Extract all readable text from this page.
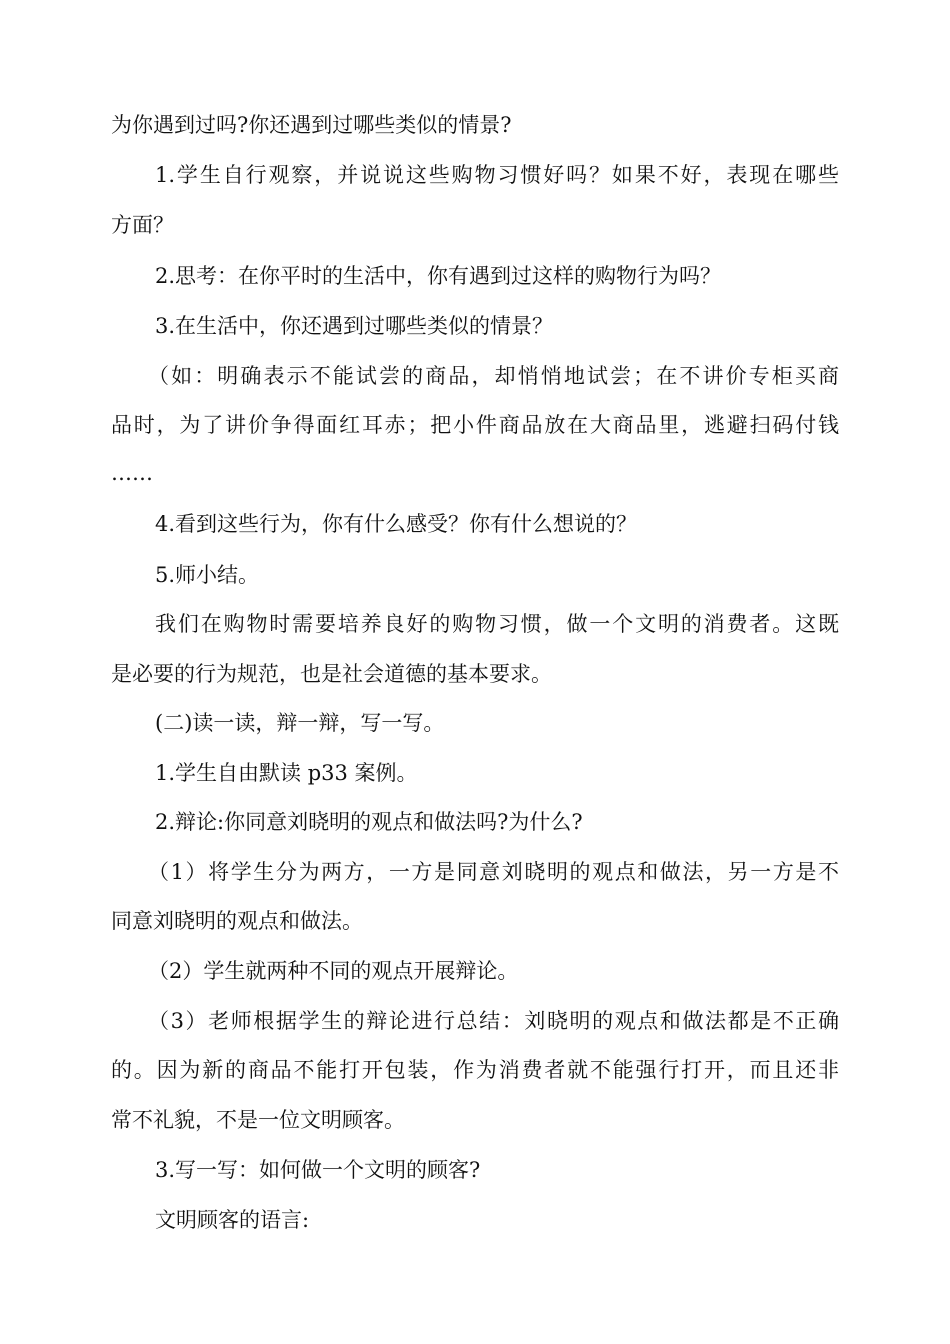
为你遇到过吗?你还遇到过哪些类似的情景?
1.学生自行观察，并说说这些购物习惯好吗？如果不好，表现在哪些
方面？
2.思考：在你平时的生活中，你有遇到过这样的购物行为吗？
3.在生活中，你还遇到过哪些类似的情景？
（如：明确表示不能试尝的商品，却悄悄地试尝；在不讲价专柜买商
品时，为了讲价争得面红耳赤；把小件商品放在大商品里，逃避扫码付钱
……
4.看到这些行为，你有什么感受？你有什么想说的？
5.师小结。
我们在购物时需要培养良好的购物习惯，做一个文明的消费者。这既
是必要的行为规范，也是社会道德的基本要求。
(二)读一读，辩一辩，写一写。
1.学生自由默读 p33 案例。
2.辩论:你同意刘晓明的观点和做法吗?为什么?
（1）将学生分为两方，一方是同意刘晓明的观点和做法，另一方是不
同意刘晓明的观点和做法。
（2）学生就两种不同的观点开展辩论。
（3）老师根据学生的辩论进行总结：刘晓明的观点和做法都是不正确
的。因为新的商品不能打开包装，作为消费者就不能强行打开，而且还非
常不礼貌，不是一位文明顾客。
3.写一写：如何做一个文明的顾客?
文明顾客的语言:
